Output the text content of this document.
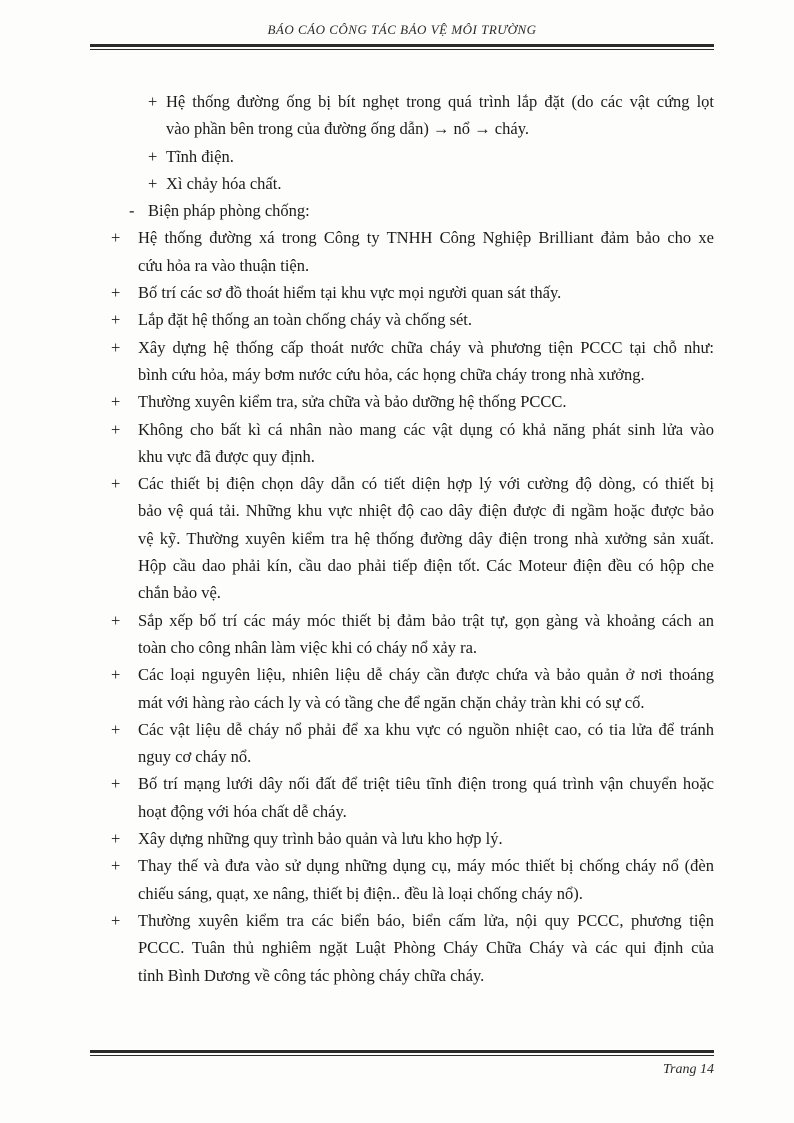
BÁO CÁO CÔNG TÁC BẢO VỆ MÔI TRƯỜNG
+ Hệ thống đường ống bị bít nghẹt trong quá trình lắp đặt (do các vật cứng lọt
vào phần bên trong của đường ống dẫn) → nổ → cháy.
+ Tĩnh điện.
+ Xì chảy hóa chất.
- Biện pháp phòng chống:
+ Hệ thống đường xá trong Công ty TNHH Công Nghiệp Brilliant đảm bảo cho xe
cứu hỏa ra vào thuận tiện.
+ Bố trí các sơ đồ thoát hiểm tại khu vực mọi người quan sát thấy.
+ Lắp đặt hệ thống an toàn chống cháy và chống sét.
+ Xây dựng hệ thống cấp thoát nước chữa cháy và phương tiện PCCC tại chỗ như:
bình cứu hỏa, máy bơm nước cứu hỏa, các họng chữa cháy trong nhà xưởng.
+ Thường xuyên kiểm tra, sửa chữa và bảo dưỡng hệ thống PCCC.
+ Không cho bất kì cá nhân nào mang các vật dụng có khả năng phát sinh lửa vào
khu vực đã được quy định.
+ Các thiết bị điện chọn dây dẫn có tiết diện hợp lý với cường độ dòng, có thiết bị
bảo vệ quá tải. Những khu vực nhiệt độ cao dây điện được đi ngầm hoặc được bảo
vệ kỹ. Thường xuyên kiểm tra hệ thống đường dây điện trong nhà xưởng sản xuất.
Hộp cầu dao phải kín, cầu dao phải tiếp điện tốt. Các Moteur điện đều có hộp che
chắn bảo vệ.
+ Sắp xếp bố trí các máy móc thiết bị đảm bảo trật tự, gọn gàng và khoảng cách an
toàn cho công nhân làm việc khi có cháy nổ xảy ra.
+ Các loại nguyên liệu, nhiên liệu dễ cháy cần được chứa và bảo quản ở nơi thoáng
mát với hàng rào cách ly và có tầng che để ngăn chặn chảy tràn khi có sự cố.
+ Các vật liệu dễ cháy nổ phải để xa khu vực có nguồn nhiệt cao, có tia lửa để tránh
nguy cơ cháy nổ.
+ Bố trí mạng lưới dây nối đất để triệt tiêu tĩnh điện trong quá trình vận chuyển hoặc
hoạt động với hóa chất dễ cháy.
+ Xây dựng những quy trình bảo quản và lưu kho hợp lý.
+ Thay thế và đưa vào sử dụng những dụng cụ, máy móc thiết bị chống cháy nổ (đèn
chiếu sáng, quạt, xe nâng, thiết bị điện.. đều là loại chống cháy nổ).
+ Thường xuyên kiểm tra các biển báo, biển cấm lửa, nội quy PCCC, phương tiện
PCCC. Tuân thủ nghiêm ngặt Luật Phòng Cháy Chữa Cháy và các qui định của
tỉnh Bình Dương về công tác phòng cháy chữa cháy.
Trang 14
